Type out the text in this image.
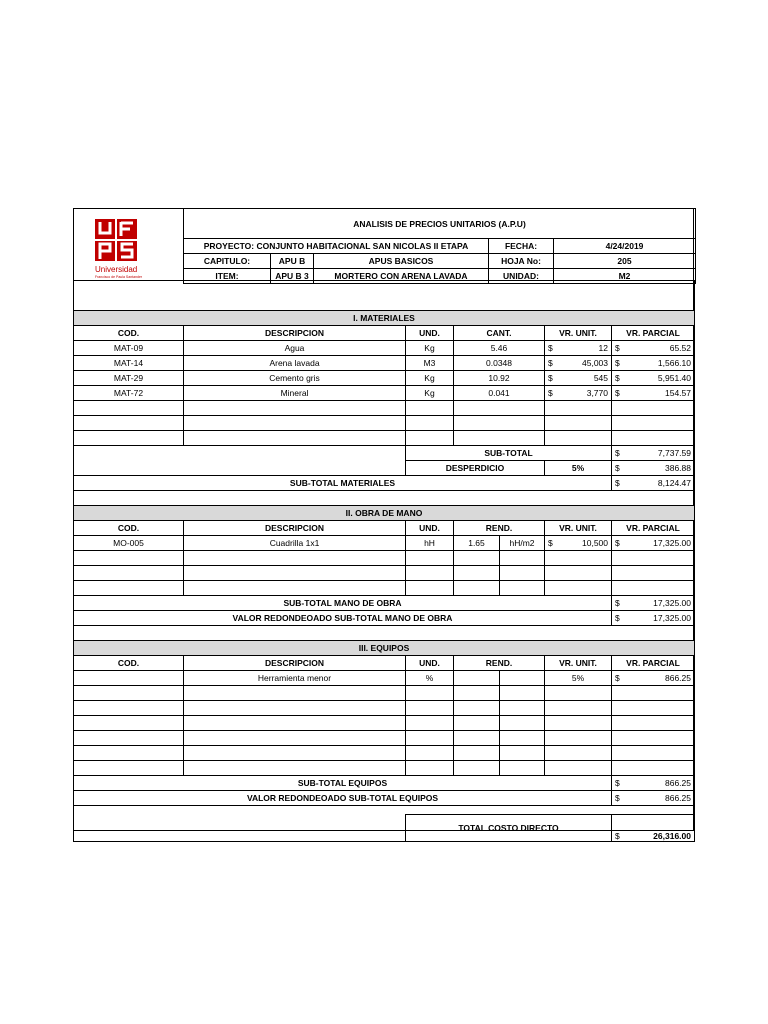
Universidad
Francisco de Paula Santander
ANALISIS DE PRECIOS UNITARIOS (A.P.U)				
PROYECTO: CONJUNTO HABITACIONAL SAN NICOLAS II ETAPA			FECHA:	4/24/2019
CAPITULO:	APU B	APUS BASICOS	HOJA No:	205
ITEM:	APU B 3	MORTERO CON ARENA LAVADA	UNIDAD:	M2

I. MATERIALES						
COD.	DESCRIPCION	UND.	CANT.		VR. UNIT.	VR. PARCIAL
MAT-09	Agua	Kg	5.46		$ 12	$ 65.52
MAT-14	Arena lavada	M3	0.0348		$ 45,003	$ 1,566.10
MAT-29	Cemento gris	Kg	10.92		$ 545	$ 5,951.40
MAT-72	Mineral	Kg	0.041		$ 3,770	$ 154.57

		SUB-TOTAL				$ 7,737.59
		DESPERDICIO			5%	$ 386.88
SUB-TOTAL MATERIALES						$ 8,124.47

II. OBRA DE MANO						
COD.	DESCRIPCION	UND.	REND.		VR. UNIT.	VR. PARCIAL
MO-005	Cuadrilla 1x1	hH	1.65	hH/m2	$ 10,500	$ 17,325.00

SUB-TOTAL MANO DE OBRA						$ 17,325.00
VALOR REDONDEOADO SUB-TOTAL MANO DE OBRA						$ 17,325.00

III. EQUIPOS						
COD.	DESCRIPCION	UND.	REND.		VR. UNIT.	VR. PARCIAL
	Herramienta menor	%			5%	$ 866.25

SUB-TOTAL EQUIPOS						$ 866.25
VALOR REDONDEOADO SUB-TOTAL EQUIPOS						$ 866.25

		TOTAL COSTO DIRECTO				$ 26,316.00
